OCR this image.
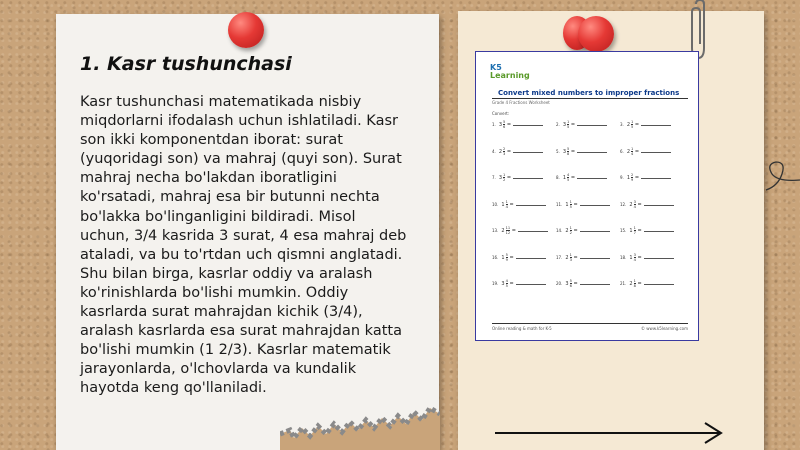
1. Kasr tushunchasi
Kasr tushunchasi matematikada nisbiy
miqdorlarni ifodalash uchun ishlatiladi. Kasr
son ikki komponentdan iborat: surat
(yuqoridagi son) va mahraj (quyi son). Surat
mahraj necha bo'lakdan iboratligini
ko'rsatadi, mahraj esa bir butunni nechta
bo'lakka bo'linganligini bildiradi. Misol
uchun, 3/4 kasrida 3 surat, 4 esa mahraj deb
ataladi, va bu to'rtdan uch qismni anglatadi.
Shu bilan birga, kasrlar oddiy va aralash
ko'rinishlarda bo'lishi mumkin. Oddiy
kasrlarda surat mahrajdan kichik (3/4),
aralash kasrlarda esa surat mahrajdan katta
bo'lishi mumkin (1 2/3). Kasrlar matematik
jarayonlarda, o'lchovlarda va kundalik
hayotda keng qo'llaniladi.
K5
Learning
Convert mixed numbers to improper fractions
Grade 4 Fractions Worksheet
Convert:
1. $3 \frac{5}{6}$ =	2. $3 \frac{1}{5}$ =	3. $2 \frac{1}{5}$ =
4. $2 \frac{2}{3}$ =	5. $3 \frac{5}{8}$ =	6. $2 \frac{1}{4}$ =
7. $3 \frac{1}{2}$ =	8. $1 \frac{4}{5}$ =	9. $1 \frac{2}{9}$ =
10. $1 \frac{1}{4}$ =	11. $1 \frac{1}{5}$ =	12. $2 \frac{3}{4}$ =
13. $2 \frac{11}{12}$ =	14. $2 \frac{1}{2}$ =	15. $1 \frac{1}{7}$ =
16. $1 \frac{5}{9}$ =	17. $2 \frac{1}{3}$ =	18. $1 \frac{3}{4}$ =
19. $3 \frac{4}{5}$ =	20. $3 \frac{5}{6}$ =	21. $2 \frac{1}{8}$ =
Online reading & math for K-5	© www.k5learning.com
